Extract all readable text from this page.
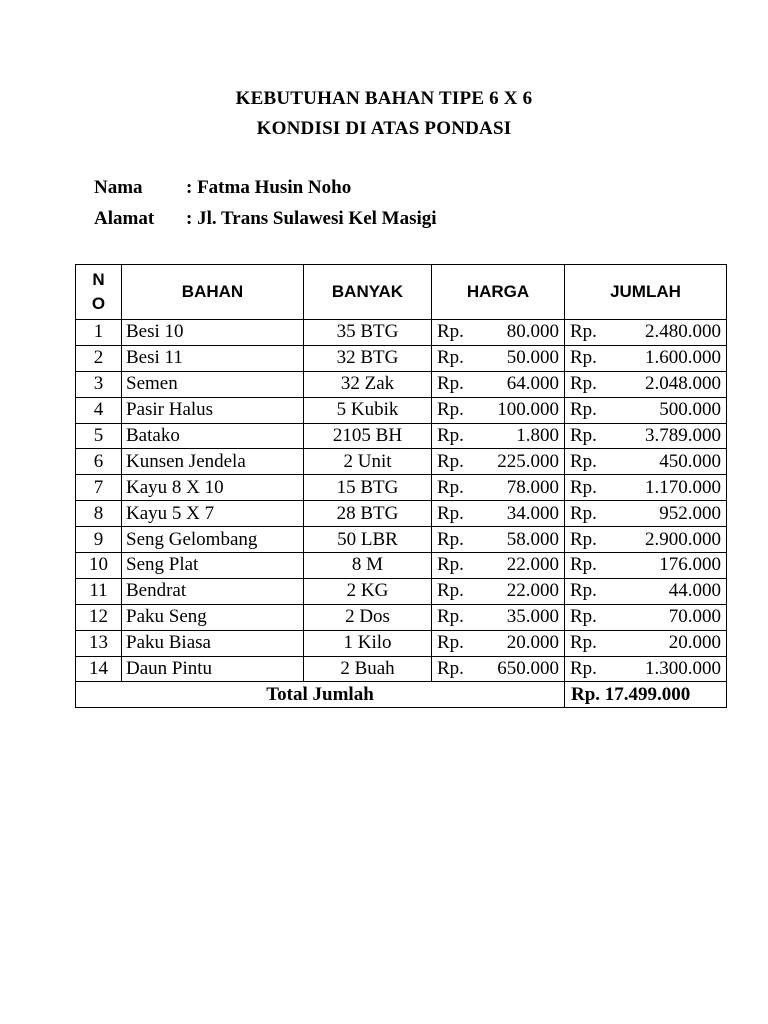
KEBUTUHAN BAHAN TIPE 6 X 6
KONDISI DI ATAS PONDASI
Nama : Fatma Husin Noho
Alamat : Jl. Trans Sulawesi Kel Masigi
N
O	BAHAN	BANYAK	HARGA	JUMLAH
1	Besi 10	35 BTG	Rp. 80.000	Rp. 2.480.000

2	Besi 11	32 BTG	Rp. 50.000	Rp. 1.600.000

3	Semen	32 Zak	Rp. 64.000	Rp. 2.048.000

4	Pasir Halus	5 Kubik	Rp. 100.000	Rp. 500.000

5	Batako	2105 BH	Rp. 1.800	Rp. 3.789.000

6	Kunsen Jendela	2 Unit	Rp. 225.000	Rp. 450.000

7	Kayu 8 X 10	15 BTG	Rp. 78.000	Rp. 1.170.000

8	Kayu 5 X 7	28 BTG	Rp. 34.000	Rp. 952.000

9	Seng Gelombang	50 LBR	Rp. 58.000	Rp. 2.900.000

10	Seng Plat	8 M	Rp. 22.000	Rp. 176.000

11	Bendrat	2 KG	Rp. 22.000	Rp. 44.000

12	Paku Seng	2 Dos	Rp. 35.000	Rp. 70.000

13	Paku Biasa	1 Kilo	Rp. 20.000	Rp. 20.000

14	Daun Pintu	2 Buah	Rp. 650.000	Rp. 1.300.000

Total Jumlah				Rp. 17.499.000
